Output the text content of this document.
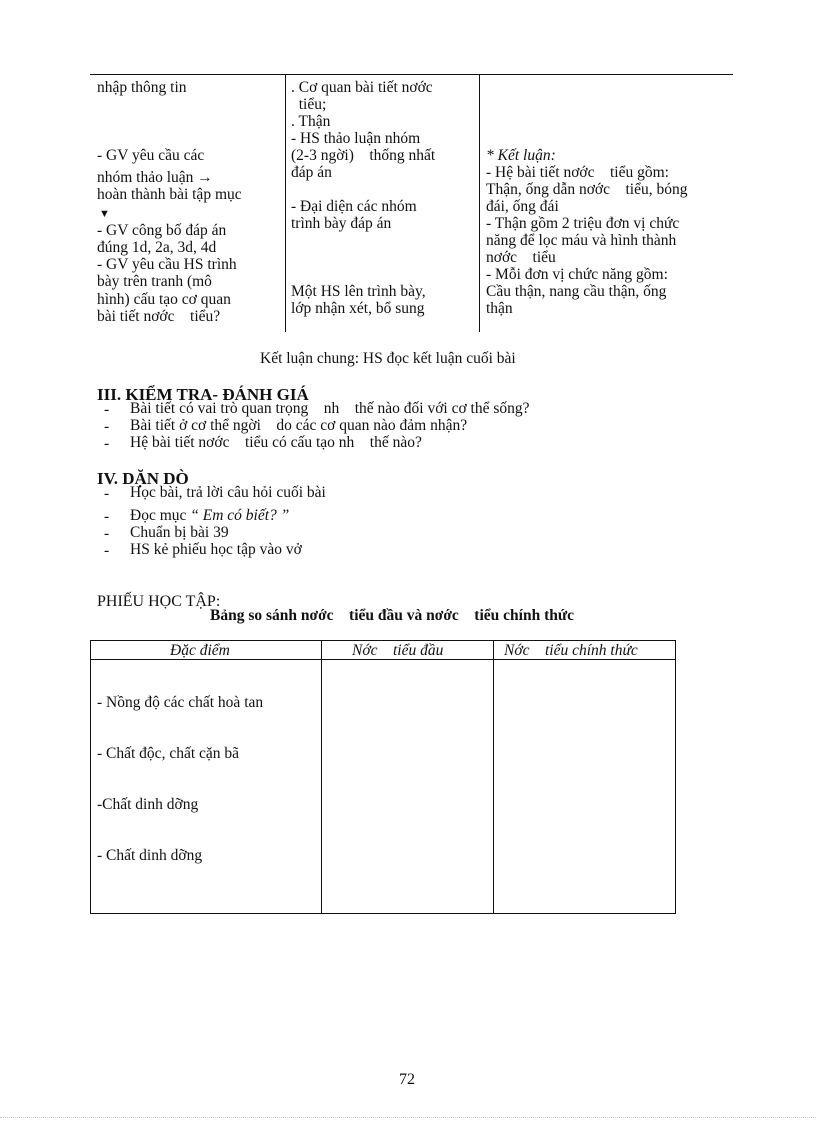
nhập thông tin
- GV yêu cầu các
nhóm thảo luận →
hoàn thành bài tập mục
▼
- GV công bố đáp án
đúng 1d, 2a, 3d, 4d
- GV yêu cầu HS trình
bày trên tranh (mô
hình) cấu tạo cơ quan
bài tiết nơớc    tiểu?
. Cơ quan bài tiết nơớc
tiểu;
. Thận
- HS thảo luận nhóm
(2-3 ngời)    thống nhất
đáp án
- Đại diện các nhóm
trình bày đáp án
Một HS lên trình bày,
lớp nhận xét, bổ sung
* Kết luận:
- Hệ bài tiết nơớc    tiểu gồm:
Thận, ống dẫn nơớc    tiểu, bóng
đái, ống đái
- Thận gồm 2 triệu đơn vị chức
năng để lọc máu và hình thành
nơớc    tiểu
- Mỗi đơn vị chức năng gồm:
Cầu thận, nang cầu thận, ống
thận
Kết luận chung: HS đọc kết luận cuối bài
III. KIỂM TRA- ĐÁNH GIÁ
- Bài tiết có vai trò quan trọng    nh    thế nào đối với cơ thể sống?
- Bài tiết ở cơ thể ngời    do các cơ quan nào đảm nhận?
- Hệ bài tiết nơớc    tiểu có cấu tạo nh    thế nào?
IV. DẶN DÒ
- Học bài, trả lời câu hỏi cuối bài
- Đọc mục “ Em có biết? ”
- Chuẩn bị bài 39
- HS kẻ phiếu học tập vào vở
PHIẾU HỌC TẬP:
Bảng so sánh nơớc    tiểu đầu và nơớc    tiểu chính thức
Đặc điểm	Nớc    tiểu đầu	Nớc    tiểu chính thức
- Nồng độ các chất hoà tan
- Chất độc, chất cặn bã
-Chất dinh dỡng
- Chất dinh dỡng
72
